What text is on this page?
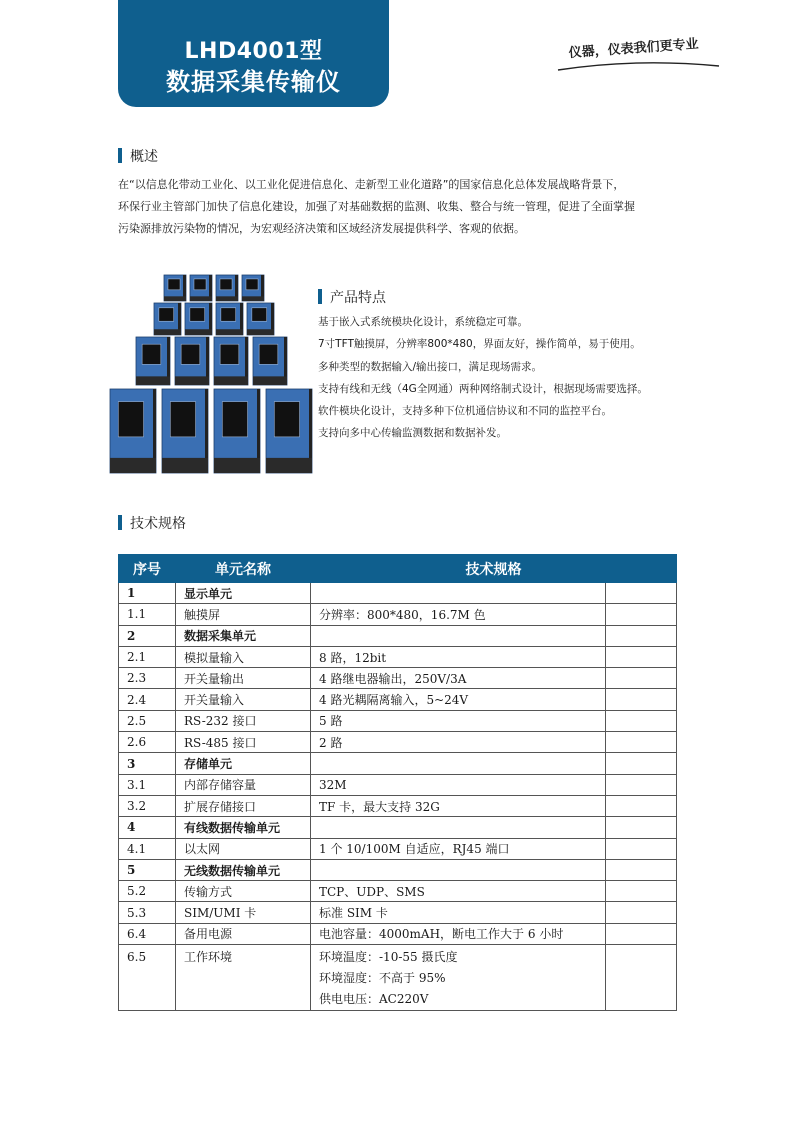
LHD4001型
数据采集传输仪
仪器，仪表我们更专业
概述

在“以信息化带动工业化、以工业化促进信息化、走新型工业化道路”的国家信息化总体发展战略背景下，

环保行业主管部门加快了信息化建设，加强了对基础数据的监测、收集、整合与统一管理，促进了全面掌握

污染源排放污染物的情况，为宏观经济决策和区域经济发展提供科学、客观的依据。

产品特点
基于嵌入式系统模块化设计，系统稳定可靠。
7寸TFT触摸屏，分辨率800*480，界面友好，操作简单，易于使用。
多种类型的数据输入/输出接口，满足现场需求。
支持有线和无线（4G全网通）两种网络制式设计，根据现场需要选择。
软件模块化设计，支持多种下位机通信协议和不同的监控平台。
支持向多中心传输监测数据和数据补发。
技术规格
序号	单元名称	技术规格	
1	显示单元		
1.1	触摸屏	分辨率：800*480，16.7M 色	
2	数据采集单元		
2.1	模拟量输入	8 路，12bit	
2.3	开关量输出	4 路继电器输出，250V/3A	
2.4	开关量输入	4 路光耦隔离输入，5~24V	
2.5	RS-232 接口	5 路	
2.6	RS-485 接口	2 路	
3	存储单元		
3.1	内部存储容量	32M	
3.2	扩展存储接口	TF 卡，最大支持 32G	
4	有线数据传输单元		
4.1	以太网	1 个 10/100M 自适应，RJ45 端口	
5	无线数据传输单元		
5.2	传输方式	TCP、UDP、SMS	
5.3	SIM/UMI 卡	标准 SIM 卡	
6.4	备用电源	电池容量：4000mAH，断电工作大于 6 小时	
6.5	工作环境	环境温度：-10-55 摄氏度
环境湿度：不高于 95%
供电电压：AC220V	
